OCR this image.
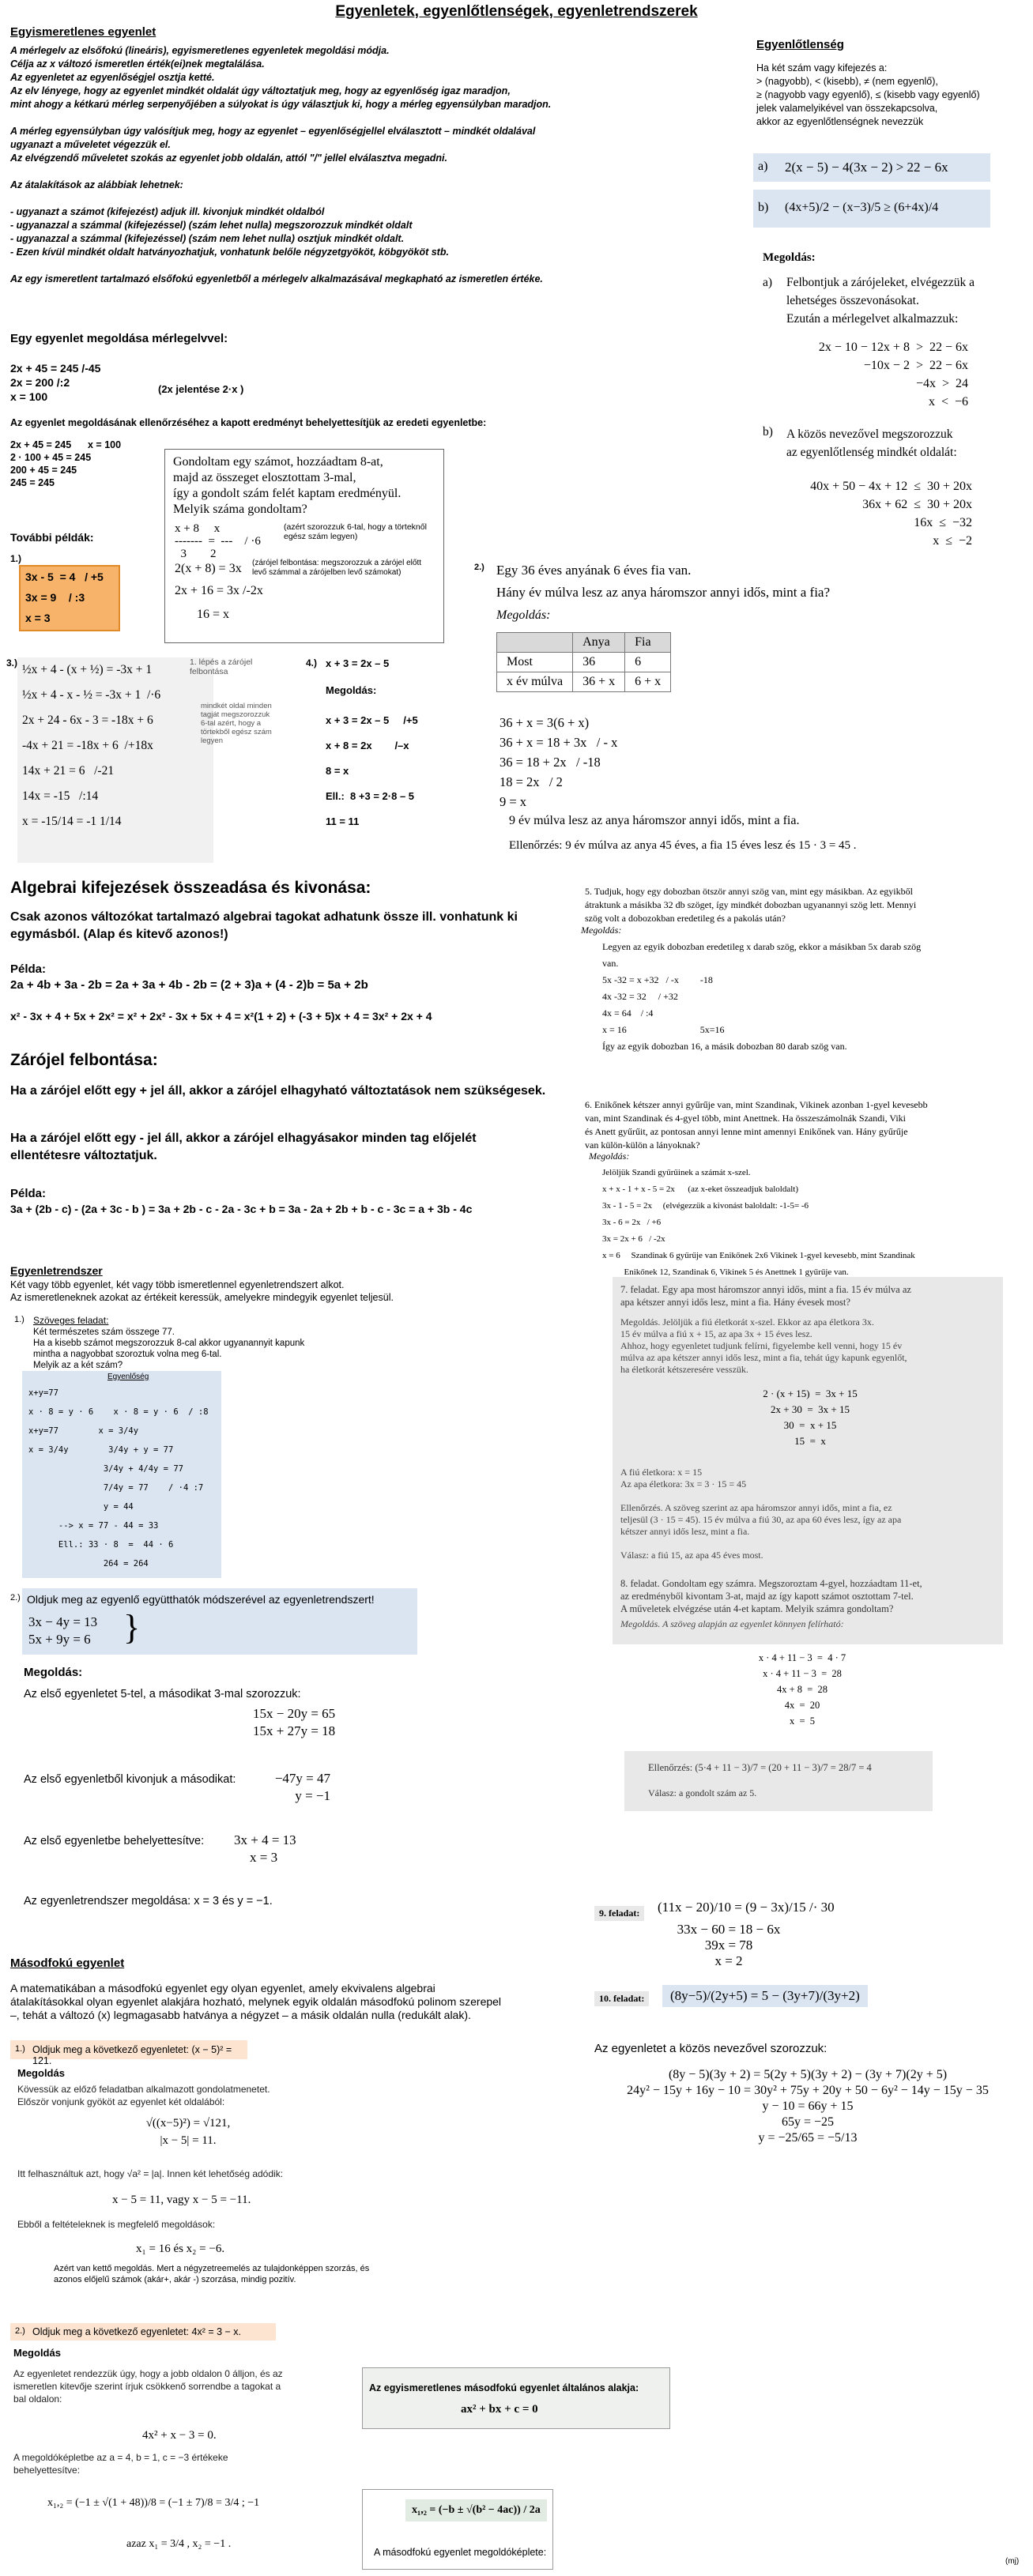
Egyenletek, egyenlőtlenségek, egyenletrendszerek
Egyismeretlenes egyenlet
A mérlegelv az elsőfokú (lineáris), egyismeretlenes egyenletek megoldási módja.
Célja az x változó ismeretlen érték(ei)nek megtalálása.
Az egyenletet az egyenlőségjel osztja ketté.
Az elv lényege, hogy az egyenlet mindkét oldalát úgy változtatjuk meg, hogy az egyenlőség igaz maradjon,
mint ahogy a kétkarú mérleg serpenyőjében a súlyokat is úgy választjuk ki, hogy a mérleg egyensúlyban maradjon.

A mérleg egyensúlyban úgy valósítjuk meg, hogy az egyenlet – egyenlőségjellel elválasztott – mindkét oldalával
ugyanazt a műveletet végezzük el.
Az elvégzendő műveletet szokás az egyenlet jobb oldalán, attól "/" jellel elválasztva megadni.

Az átalakítások az alábbiak lehetnek:

- ugyanazt a számot (kifejezést) adjuk ill. kivonjuk mindkét oldalból
- ugyanazzal a számmal (kifejezéssel) (szám lehet nulla) megszorozzuk mindkét oldalt
- ugyanazzal a számmal (kifejezéssel) (szám nem lehet nulla) osztjuk mindkét oldalt.
- Ezen kívül mindkét oldalt hatványozhatjuk, vonhatunk belőle négyzetgyököt, köbgyököt stb.

Az egy ismeretlent tartalmazó elsőfokú egyenletből a mérlegelv alkalmazásával megkapható az ismeretlen értéke.
Egy egyenlet megoldása mérlegelvvel:
2x + 45 = 245 /-45
2x = 200 /:2
x = 100
(2x jelentése 2·x )
Az egyenlet megoldásának ellenőrzéséhez a kapott eredményt behelyettesítjük az eredeti egyenletbe:
2x + 45 = 245      x = 100
2 · 100 + 45 = 245
200 + 45 = 245
245 = 245
Gondoltam egy számot, hozzáadtam 8-at,
majd az összeget elosztottam 3-mal,
így a gondolt szám felét kaptam eredményül.
Melyik száma gondoltam?
x + 8     x
-------  =  ---    / ·6
3        2
(azért szorozzuk 6-tal, hogy a törteknől egész szám legyen)
2(x + 8) = 3x (zárójel felbontása: megszorozzuk a zárójel előtt levő számmal a zárójelben levő számokat)
2x + 16 = 3x /-2x
16 = x
További példák:
1.)
3x - 5  = 4   / +5
3x = 9    / :3
x = 3
3.) ½x + 4 - (x + ½) = -3x + 1
½x + 4 - x - ½ = -3x + 1  /·6
2x + 24 - 6x - 3 = -18x + 6
-4x + 21 = -18x + 6  /+18x
14x + 21 = 6   /-21
14x = -15   /:14
x = -15/14 = -1 1/14
1. lépés a zárójel felbontása
mindkét oldal minden tagját megszorozzuk 6-tal azért, hogy a törtekből egész szám legyen
4.) x + 3 = 2x – 5
Megoldás:
x + 3 = 2x – 5     /+5
x + 8 = 2x        /–x
8 = x
Ell.:  8 +3 = 2·8 – 5
11 = 11
2.) Egy 36 éves anyának 6 éves fia van.
Hány év múlva lesz az anya háromszor annyi idős, mint a fia?
Megoldás:
	Anya	Fia
Most	36	6
x év múlva	36 + x	6 + x
36 + x = 3(6 + x)
36 + x = 18 + 3x   / - x
36 = 18 + 2x   / -18
18 = 2x   / 2
9 = x
9 év múlva lesz az anya háromszor annyi idős, mint a fia.
Ellenőrzés: 9 év múlva az anya 45 éves, a fia 15 éves lesz és 15 · 3 = 45 .
Egyenlőtlenség
Ha két szám vagy kifejezés a:
> (nagyobb), < (kisebb), ≠ (nem egyenlő),
≥ (nagyobb vagy egyenlő), ≤ (kisebb vagy egyenlő)
jelek valamelyikével van összekapcsolva,
akkor az egyenlőtlenségnek nevezzük
a) 2(x − 5) − 4(3x − 2) > 22 − 6x
b) (4x+5)/2 − (x−3)/5 ≥ (6+4x)/4
Megoldás:
a) Felbontjuk a zárójeleket, elvégezzük a
lehetséges összevonásokat.
Ezután a mérlegelvet alkalmazzuk:
2x − 10 − 12x + 8  >  22 − 6x
−10x − 2  >  22 − 6x
−4x  >  24
x  <  −6
b) A közös nevezővel megszorozzuk
az egyenlőtlenség mindkét oldalát:
40x + 50 − 4x + 12  ≤  30 + 20x
36x + 62  ≤  30 + 20x
16x  ≤  −32
x  ≤  −2
Algebrai kifejezések összeadása és kivonása:
Csak azonos változókat tartalmazó algebrai tagokat adhatunk össze ill. vonhatunk ki egymásból. (Alap és kitevő azonos!)
Példa:
2a + 4b + 3a - 2b = 2a + 3a + 4b - 2b = (2 + 3)a + (4 - 2)b = 5a + 2b
x² - 3x + 4 + 5x + 2x² = x² + 2x² - 3x + 5x + 4 = x²(1 + 2) + (-3 + 5)x + 4 = 3x² + 2x + 4
Zárójel felbontása:
Ha a zárójel előtt egy + jel áll, akkor a zárójel elhagyható változtatások nem szükségesek.
Ha a zárójel előtt egy - jel áll, akkor a zárójel elhagyásakor minden tag előjelét ellentétesre változtatjuk.
Példa:
3a + (2b - c) - (2a + 3c - b ) = 3a + 2b - c - 2a - 3c + b = 3a - 2a + 2b + b - c - 3c = a + 3b - 4c
Egyenletrendszer
Két vagy több egyenlet, két vagy több ismeretlennel egyenletrendszert alkot.
Az ismeretleneknek azokat az értékeit keressük, amelyekre mindegyik egyenlet teljesül.
1.) Szöveges feladat:
Két természetes szám összege 77.
Ha a kisebb számot megszorozzuk 8-cal akkor ugyanannyit kapunk
mintha a nagyobbat szoroztuk volna meg 6-tal.
Melyik az a két szám?
Egyenlőség
x+y=77
x · 8 = y · 6    x · 8 = y · 6  / :8
x+y=77        x = 3/4y
x = 3/4y        3/4y + y = 77
3/4y + 4/4y = 77
7/4y = 77    / ·4 :7
y = 44
--> x = 77 - 44 = 33
Ell.: 33 · 8  =  44 · 6
264 = 264
2.) Oldjuk meg az egyenlő együtthatók módszerével az egyenletrendszert!
3x − 4y = 13
5x + 9y = 6 }
Megoldás:
Az első egyenletet 5-tel, a másodikat 3-mal szorozzuk:
15x − 20y = 65
15x + 27y = 18
Az első egyenletből kivonjuk a másodikat:	−47y = 47
y = −1
Az első egyenletbe behelyettesítve: 3x + 4 = 13
x = 3
Az egyenletrendszer megoldása: x = 3 és y = −1.
5. Tudjuk, hogy egy dobozban ötször annyi szög van, mint egy másikban. Az egyikből
átraktunk a másikba 32 db szöget, így mindkét dobozban ugyanannyi szög lett. Mennyi
szög volt a dobozokban eredetileg és a pakolás után?
Megoldás:
Legyen az egyik dobozban eredetileg x darab szög, ekkor a másikban 5x darab szög
van.
5x -32 = x +32   / -x         -18
4x -32 = 32     / +32
4x = 64    / :4
x = 16                               5x=16
Így az egyik dobozban 16, a másik dobozban 80 darab szög van.
6. Enikőnek kétszer annyi gyűrűje van, mint Szandinak, Vikinek azonban 1-gyel kevesebb
van, mint Szandinak és 4-gyel több, mint Anettnek. Ha összeszámolnák Szandi, Viki
és Anett gyűrűit, az pontosan annyi lenne mint amennyi Enikőnek van. Hány gyűrűje
van külön-külön a lányoknak?
Megoldás:
Jelöljük Szandi gyűrűinek a számát x-szel.
x + x - 1 + x - 5 = 2x      (az x-eket összeadjuk baloldalt)
3x - 1 - 5 = 2x     (elvégezzük a kivonást baloldalt: -1-5= -6
3x - 6 = 2x   / +6
3x = 2x + 6   / -2x
x = 6     Szandinak 6 gyűrűje van Enikőnek 2x6 Vikinek 1-gyel kevesebb, mint Szandinak
Enikőnek 12, Szandinak 6, Vikinek 5 és Anettnek 1 gyűrűje van.
7. feladat. Egy apa most háromszor annyi idős, mint a fia. 15 év múlva az
apa kétszer annyi idős lesz, mint a fia. Hány évesek most?
Megoldás. Jelöljük a fiú életkorát x-szel. Ekkor az apa életkora 3x.
15 év múlva a fiú x + 15, az apa 3x + 15 éves lesz.
Ahhoz, hogy egyenletet tudjunk felírni, figyelembe kell venni, hogy 15 év
múlva az apa kétszer annyi idős lesz, mint a fia, tehát úgy kapunk egyenlőt,
ha életkorát kétszeresére vesszük.
2 · (x + 15)  =  3x + 15
2x + 30  =  3x + 15
30  =  x + 15
15  =  x
A fiú életkora: x = 15
Az apa életkora: 3x = 3 · 15 = 45

Ellenőrzés. A szöveg szerint az apa háromszor annyi idős, mint a fia, ez
teljesül (3 · 15 = 45). 15 év múlva a fiú 30, az apa 60 éves lesz, így az apa
kétszer annyi idős lesz, mint a fia.

Válasz: a fiú 15, az apa 45 éves most.
8. feladat. Gondoltam egy számra. Megszoroztam 4-gyel, hozzáadtam 11-et,
az eredményből kivontam 3-at, majd az így kapott számot osztottam 7-tel.
A műveletek elvégzése után 4-et kaptam. Melyik számra gondoltam?
Megoldás. A szöveg alapján az egyenlet könnyen felírható:
x · 4 + 11 − 3  =  4 · 7
x · 4 + 11 − 3  =  28
4x + 8  =  28
4x  =  20
x  =  5
Ellenőrzés: (5·4 + 11 − 3)/7 = (20 + 11 − 3)/7 = 28/7 = 4
Válasz: a gondolt szám az 5.
9. feladat:	(11x − 20)/10 = (9 − 3x)/15 /· 30
33x − 60 = 18 − 6x
39x = 78
x = 2
10. feladat:	(8y−5)/(2y+5) = 5 − (3y+7)/(3y+2)
Az egyenletet a közös nevezővel szorozzuk:
(8y − 5)(3y + 2) = 5(2y + 5)(3y + 2) − (3y + 7)(2y + 5)
24y² − 15y + 16y − 10 = 30y² + 75y + 20y + 50 − 6y² − 14y − 15y − 35
y − 10 = 66y + 15
65y = −25
y = −25/65 = −5/13
Másodfokú egyenlet
A matematikában a másodfokú egyenlet egy olyan egyenlet, amely ekvivalens algebrai
átalakításokkal olyan egyenlet alakjára hozható, melynek egyik oldalán másodfokú polinom szerepel
–, tehát a változó (x) legmagasabb hatványa a négyzet – a másik oldalán nulla (redukált alak).
1.) Oldjuk meg a következő egyenletet: (x − 5)² = 121.
Megoldás
Kövessük az előző feladatban alkalmazott gondolatmenetet.
Először vonjunk gyököt az egyenlet két oldalából:
√((x−5)²) = √121,
|x − 5| = 11.
Itt felhasználtuk azt, hogy √a² = |a|. Innen két lehetőség adódik:
x − 5 = 11, vagy x − 5 = −11.
Ebből a feltételeknek is megfelelő megoldások:
x₁ = 16 és x₂ = −6.
Azért van kettő megoldás. Mert a négyzetreemelés az tulajdonképpen szorzás, és azonos előjelű számok (akár+, akár -) szorzása, mindig pozitív.
2.) Oldjuk meg a következő egyenletet: 4x² = 3 − x.
Megoldás
Az egyenletet rendezzük úgy, hogy a jobb oldalon 0 álljon, és az
ismeretlen kitevője szerint írjuk csökkenő sorrendbe a tagokat a
bal oldalon:
4x² + x − 3 = 0.
A megoldóképletbe az a = 4, b = 1, c = −3 értékeke
behelyettesítve:
x₁,₂ = (−1 ± √(1 + 48))/8 = (−1 ± 7)/8 = 3/4 ; −1
azaz x₁ = 3/4 , x₂ = −1 .
Az egyismeretlenes másodfokú egyenlet általános alakja:
ax² + bx + c = 0
x₁,₂ = (−b ± √(b² − 4ac)) / 2a
A másodfokú egyenlet megoldóképlete:
(mj)
